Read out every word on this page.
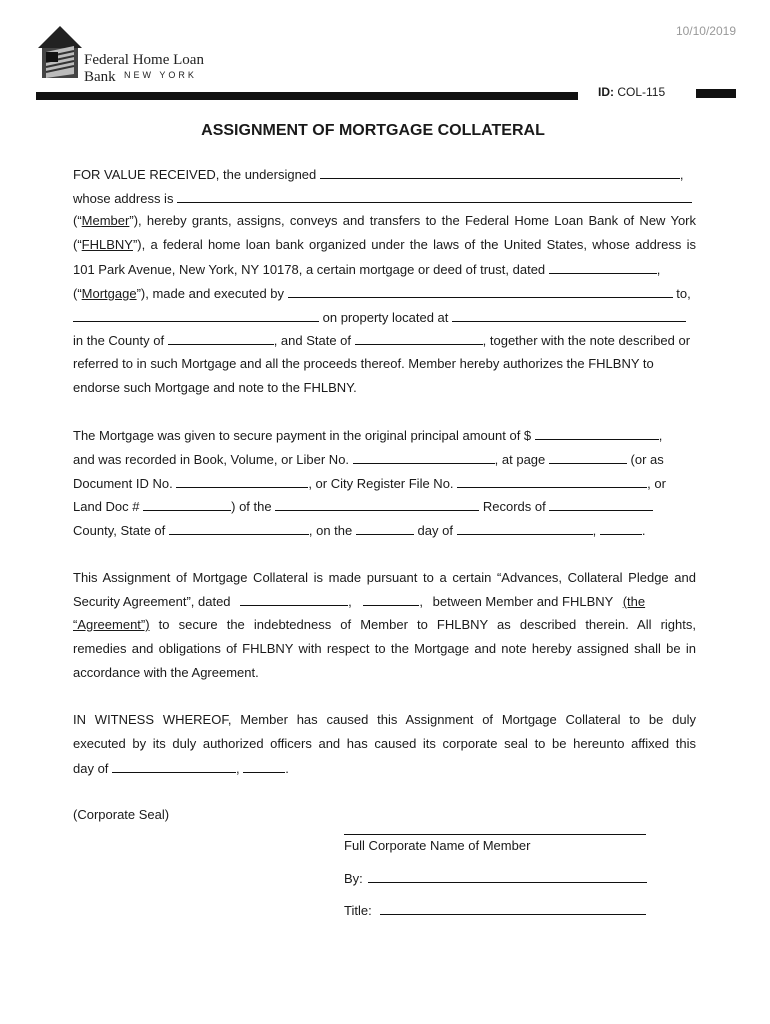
10/10/2019
Federal Home Loan Bank NEW YORK
ID: COL-115
ASSIGNMENT OF MORTGAGE COLLATERAL
FOR VALUE RECEIVED, the undersigned	,
whose address is
(“Member”), hereby grants, assigns, conveys and transfers to the Federal Home Loan Bank of New York
(“FHLBNY”), a federal home loan bank organized under the laws of the United States, whose address is
101 Park Avenue, New York, NY 10178, a certain mortgage or deed of trust, dated	,
(“Mortgage”), made and executed by	to,
on property located at
in the County of	, and State of	, together with the note described or
referred to in such Mortgage and all the proceeds thereof. Member hereby authorizes the FHLBNY to
endorse such Mortgage and note to the FHLBNY.
The Mortgage was given to secure payment in the original principal amount of $	,
and was recorded in Book, Volume, or Liber No.	, at page	(or as
Document ID No.	, or City Register File No.	, or
Land Doc #	) of the	Records of
County, State of	, on the	day of	,	.
This Assignment of Mortgage Collateral is made pursuant to a certain “Advances, Collateral Pledge and
Security Agreement”, dated	,	, between Member and FHLBNY (the
“Agreement”) to secure the indebtedness of Member to FHLBNY as described therein. All rights,
remedies and obligations of FHLBNY with respect to the Mortgage and note hereby assigned shall be in
accordance with the Agreement.
IN WITNESS WHEREOF, Member has caused this Assignment of Mortgage Collateral to be duly
executed by its duly authorized officers and has caused its corporate seal to be hereunto affixed this
day of	,	.
(Corporate Seal)
Full Corporate Name of Member
By:
Title:
